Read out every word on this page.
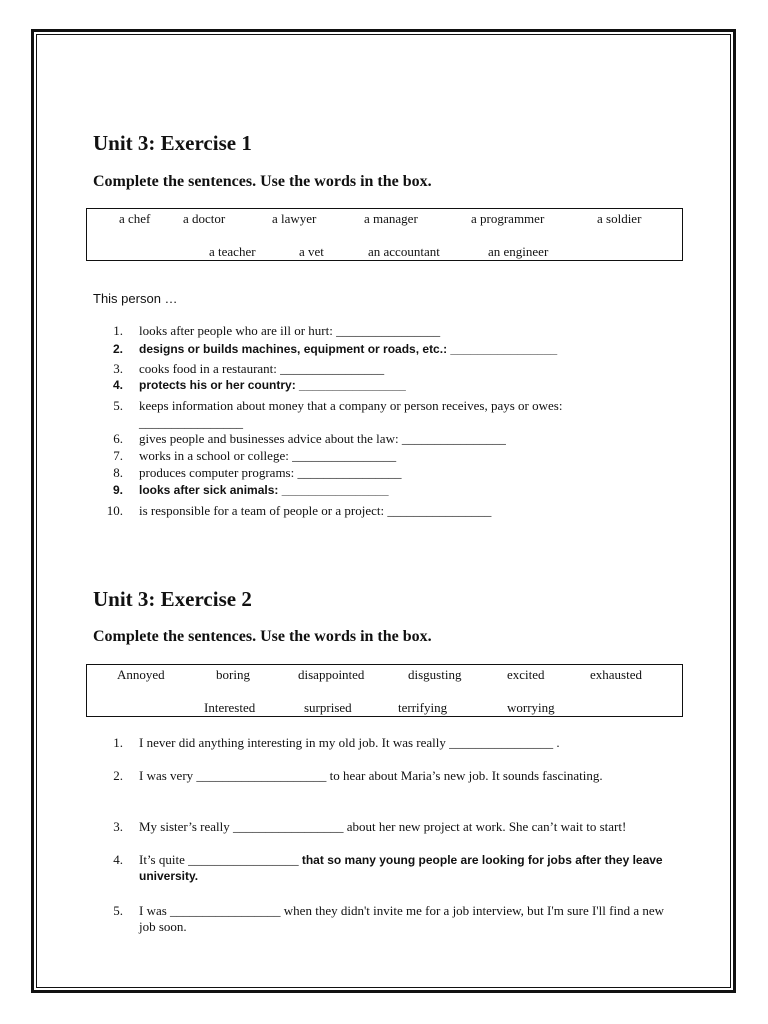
Unit 3: Exercise 1
Complete the sentences. Use the words in the box.
a chef	a doctor	a lawyer	a manager	a programmer	a soldier
a teacher	a vet	an accountant	an engineer
This person …
1. looks after people who are ill or hurt: ________________
2. designs or builds machines, equipment or roads, etc.: ________________
3. cooks food in a restaurant: ________________
4. protects his or her country: ________________
5. keeps information about money that a company or person receives, pays or owes:
________________
6. gives people and businesses advice about the law: ________________
7. works in a school or college: ________________
8. produces computer programs: ________________
9. looks after sick animals: ________________
10. is responsible for a team of people or a project: ________________
Unit 3: Exercise 2
Complete the sentences. Use the words in the box.
Annoyed	boring	disappointed	disgusting	excited	exhausted
Interested	surprised	terrifying	worrying
1. I never did anything interesting in my old job. It was really ________________ .
2. I was very ____________________ to hear about Maria’s new job. It sounds fascinating.
3. My sister’s really _________________ about her new project at work. She can’t wait to start!
4. It’s quite _________________ that so many young people are looking for jobs after they leave university.
5. I was _________________ when they didn't invite me for a job interview, but I'm sure I'll find a new job soon.
